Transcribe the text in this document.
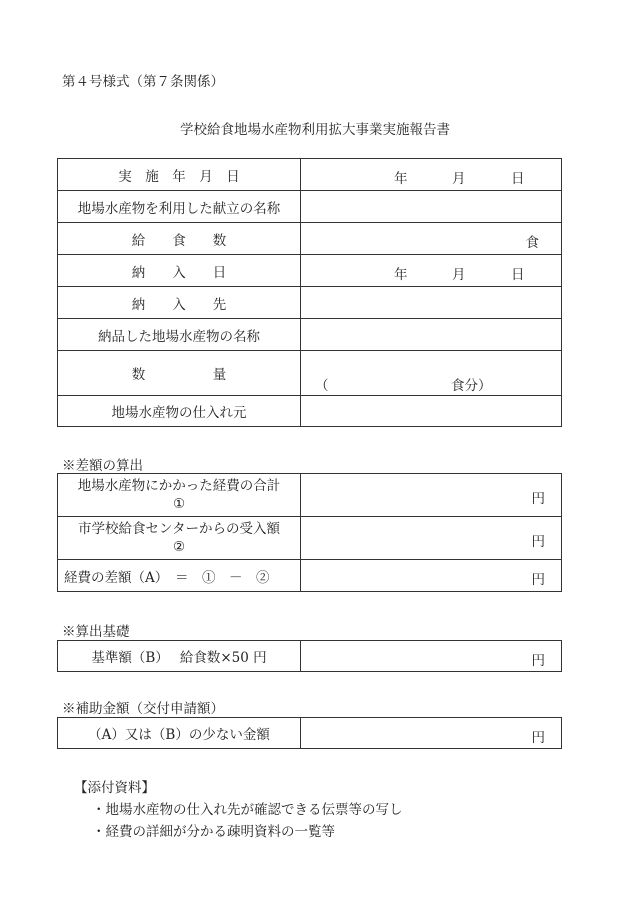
第４号様式（第７条関係）
学校給食地場水産物利用拡大事業実施報告書
実　施　年　月　日	年 月 日

地場水産物を利用した献立の名称	
給　　食　　数	食

納　　入　　日	年 月 日

納　　入　　先	
納品した地場水産物の名称	
数　　　　　量	（ 食分）

地場水産物の仕入れ元	
※差額の算出
地場水産物にかかった経費の合計
①	円

市学校給食センターからの受入額
②	円

経費の差額（A）　＝　①　－　②	円
※算出基礎
基準額（B）　 給食数×50 円	円
※補助金額（交付申請額）
（A）又は（B）の少ない金額	円
【添付資料】
・地場水産物の仕入れ先が確認できる伝票等の写し
・経費の詳細が分かる疎明資料の一覧等
